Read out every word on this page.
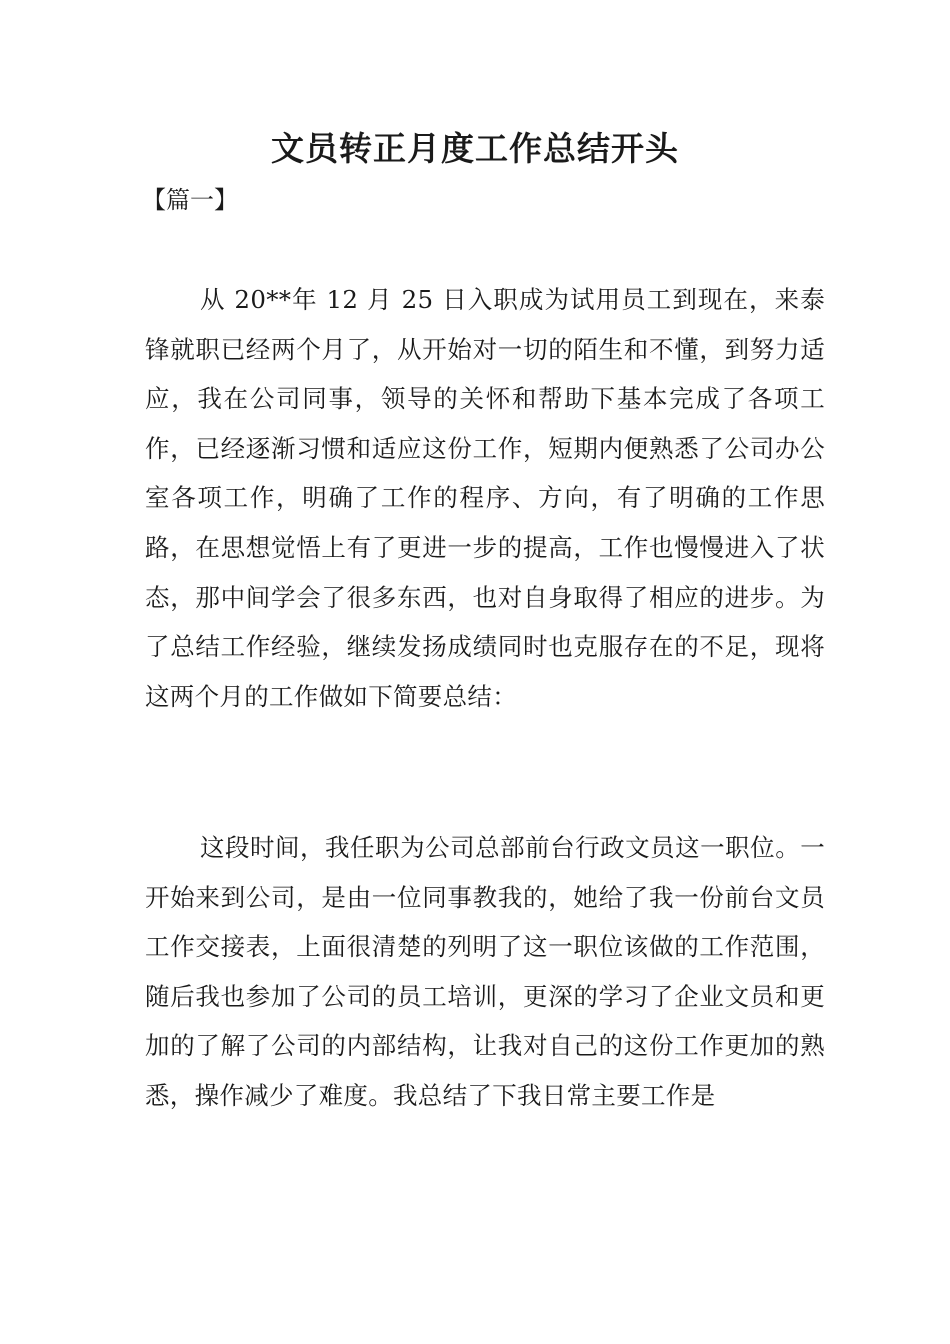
文员转正月度工作总结开头
【篇一】

从 20**年 12 月 25 日入职成为试用员工到现在，来泰锋就职已经两个月了，从开始对一切的陌生和不懂，到努力适应，我在公司同事，领导的关怀和帮助下基本完成了各项工作，已经逐渐习惯和适应这份工作，短期内便熟悉了公司办公室各项工作，明确了工作的程序、方向，有了明确的工作思路，在思想觉悟上有了更进一步的提高，工作也慢慢进入了状态，那中间学会了很多东西，也对自身取得了相应的进步。为了总结工作经验，继续发扬成绩同时也克服存在的不足，现将这两个月的工作做如下简要总结：

这段时间，我任职为公司总部前台行政文员这一职位。一开始来到公司，是由一位同事教我的，她给了我一份前台文员工作交接表，上面很清楚的列明了这一职位该做的工作范围，随后我也参加了公司的员工培训，更深的学习了企业文员和更加的了解了公司的内部结构，让我对自己的这份工作更加的熟悉，操作减少了难度。我总结了下我日常主要工作是
